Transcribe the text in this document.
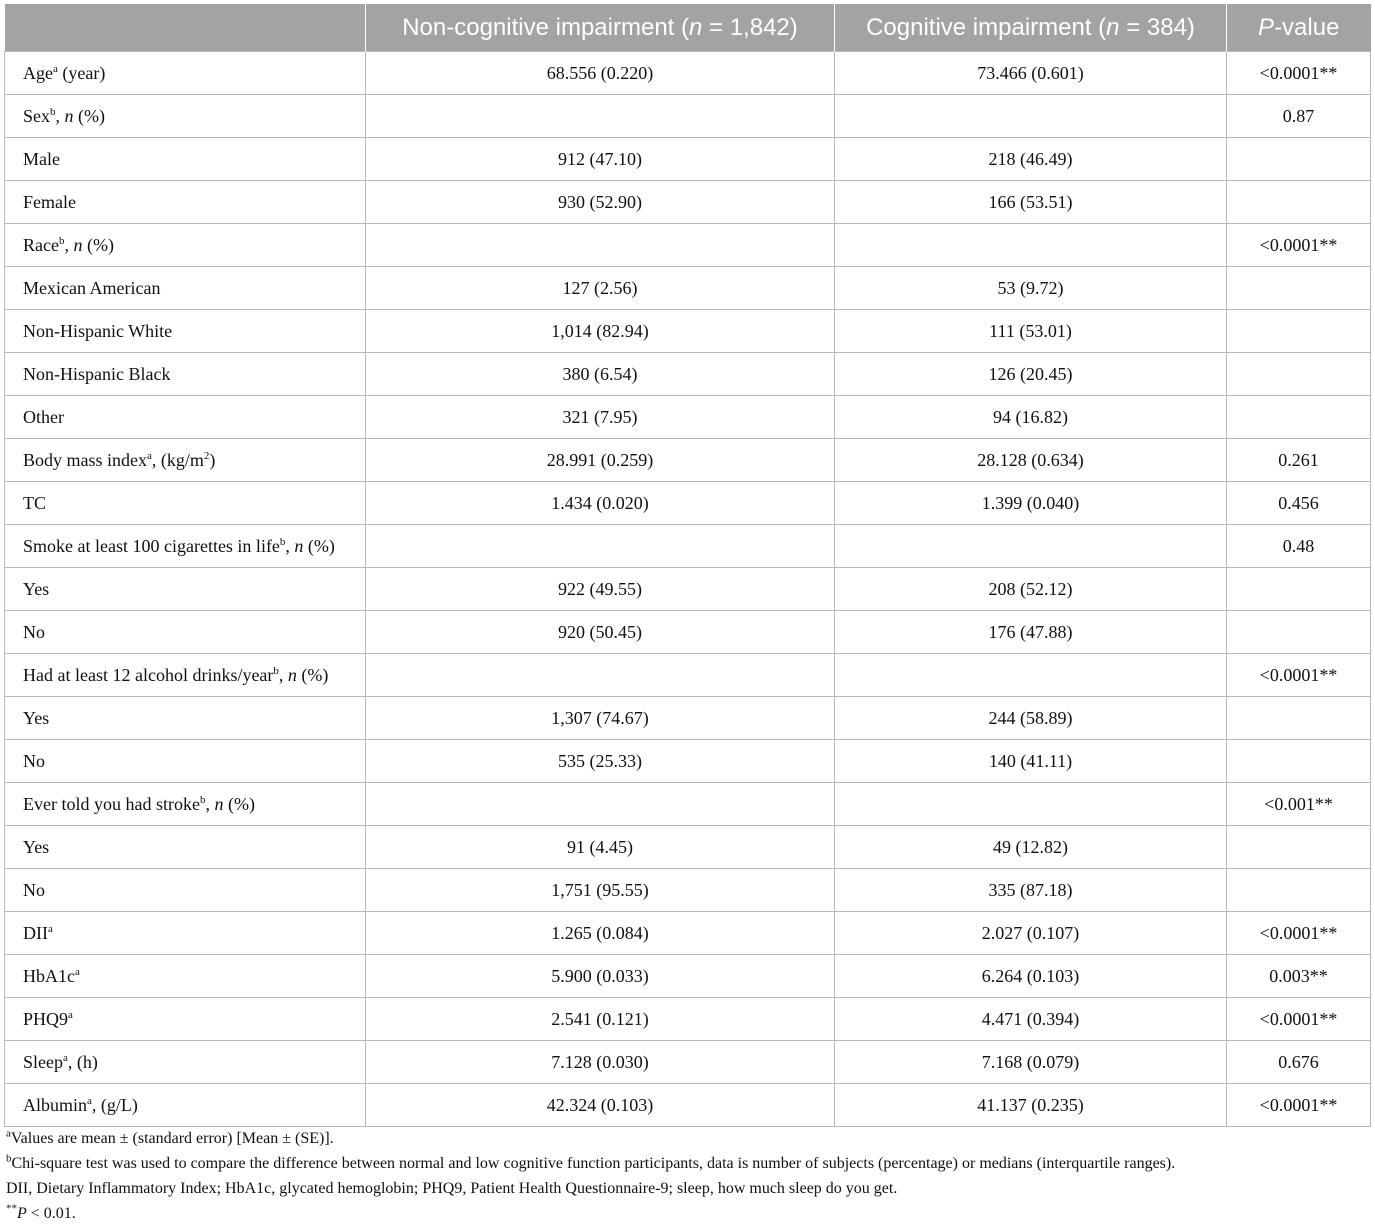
	Non-cognitive impairment (n = 1,842)	Cognitive impairment (n = 384)	P-value
Age$^a$ (year)	68.556 (0.220)	73.466 (0.601)	<0.0001**
Sex$^b$, n (%)			0.87
Male	912 (47.10)	218 (46.49)	
Female	930 (52.90)	166 (53.51)	
Race$^b$, n (%)			<0.0001**
Mexican American	127 (2.56)	53 (9.72)	
Non-Hispanic White	1,014 (82.94)	111 (53.01)	
Non-Hispanic Black	380 (6.54)	126 (20.45)	
Other	321 (7.95)	94 (16.82)	
Body mass index$^a$, $(kg/m^2)$	28.991 (0.259)	28.128 (0.634)	0.261
TC	1.434 (0.020)	1.399 (0.040)	0.456
Smoke at least 100 cigarettes in life$^b$, n (%)			0.48
Yes	922 (49.55)	208 (52.12)	
No	920 (50.45)	176 (47.88)	
Had at least 12 alcohol drinks/year$^b$, n (%)			<0.0001**
Yes	1,307 (74.67)	244 (58.89)	
No	535 (25.33)	140 (41.11)	
Ever told you had stroke$^b$, n (%)			<0.001**
Yes	91 (4.45)	49 (12.82)	
No	1,751 (95.55)	335 (87.18)	
DII$^a$	1.265 (0.084)	2.027 (0.107)	<0.0001**
$HbA1c^a$	5.900 (0.033)	6.264 (0.103)	0.003**
PHQ9$^a$	2.541 (0.121)	4.471 (0.394)	<0.0001**
Sleep$^a$, (h)	7.128 (0.030)	7.168 (0.079)	0.676
Albumin$^a$, (g/L)	42.324 (0.103)	41.137 (0.235)	<0.0001**

$^a$Values are mean ± (standard error) [Mean ± (SE)].

$^b$Chi-square test was used to compare the difference between normal and low cognitive function participants, data is number of subjects (percentage) or medians (interquartile ranges).

DII, Dietary Inflammatory Index; HbA1c, glycated hemoglobin; PHQ9, Patient Health Questionnaire-9; sleep, how much sleep do you get.

**P < 0.01.
